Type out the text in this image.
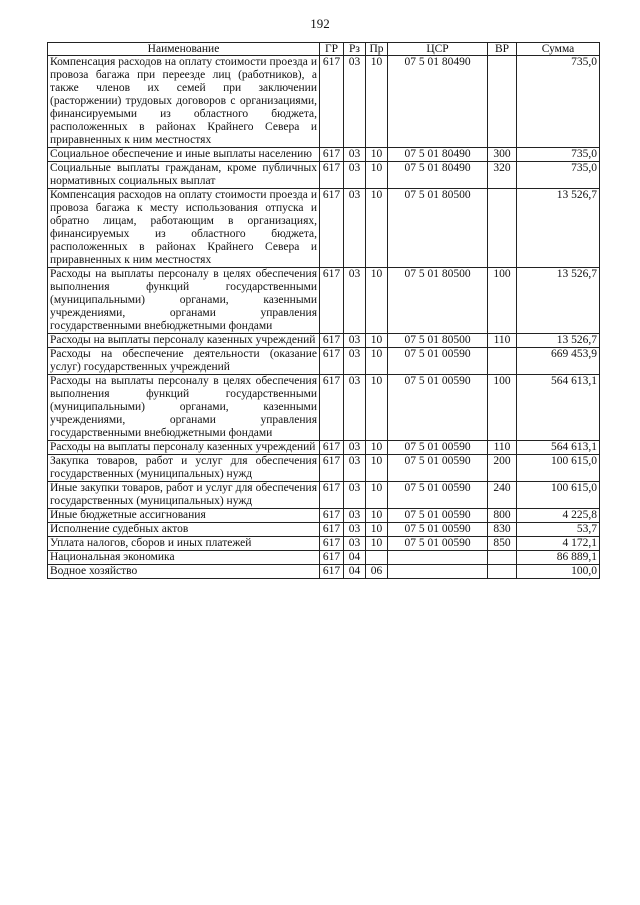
192
Наименование	ГР	Рз	Пр	ЦСР	ВР	Сумма
Компенсация расходов на оплату стоимости проезда и провоза багажа при переезде лиц (работников), а также членов их семей при заключении (расторжении) трудовых договоров с организациями, финансируемыми из областного бюджета, расположенных в районах Крайнего Севера и приравненных к ним местностях	617	03	10	07 5 01 80490		735,0
Социальное обеспечение и иные выплаты населению	617	03	10	07 5 01 80490	300	735,0
Социальные выплаты гражданам, кроме публичных нормативных социальных выплат	617	03	10	07 5 01 80490	320	735,0
Компенсация расходов на оплату стоимости проезда и провоза багажа к месту использования отпуска и обратно лицам, работающим в организациях, финансируемых из областного бюджета, расположенных в районах Крайнего Севера и приравненных к ним местностях	617	03	10	07 5 01 80500		13 526,7
Расходы на выплаты персоналу в целях обеспечения выполнения функций государственными (муниципальными) органами, казенными учреждениями, органами управления государственными внебюджетными фондами	617	03	10	07 5 01 80500	100	13 526,7
Расходы на выплаты персоналу казенных учреждений	617	03	10	07 5 01 80500	110	13 526,7
Расходы на обеспечение деятельности (оказание услуг) государственных учреждений	617	03	10	07 5 01 00590		669 453,9
Расходы на выплаты персоналу в целях обеспечения выполнения функций государственными (муниципальными) органами, казенными учреждениями, органами управления государственными внебюджетными фондами	617	03	10	07 5 01 00590	100	564 613,1
Расходы на выплаты персоналу казенных учреждений	617	03	10	07 5 01 00590	110	564 613,1
Закупка товаров, работ и услуг для обеспечения государственных (муниципальных) нужд	617	03	10	07 5 01 00590	200	100 615,0
Иные закупки товаров, работ и услуг для обеспечения государственных (муниципальных) нужд	617	03	10	07 5 01 00590	240	100 615,0
Иные бюджетные ассигнования	617	03	10	07 5 01 00590	800	4 225,8
Исполнение судебных актов	617	03	10	07 5 01 00590	830	53,7
Уплата налогов, сборов и иных платежей	617	03	10	07 5 01 00590	850	4 172,1
Национальная экономика	617	04				86 889,1
Водное хозяйство	617	04	06			100,0
